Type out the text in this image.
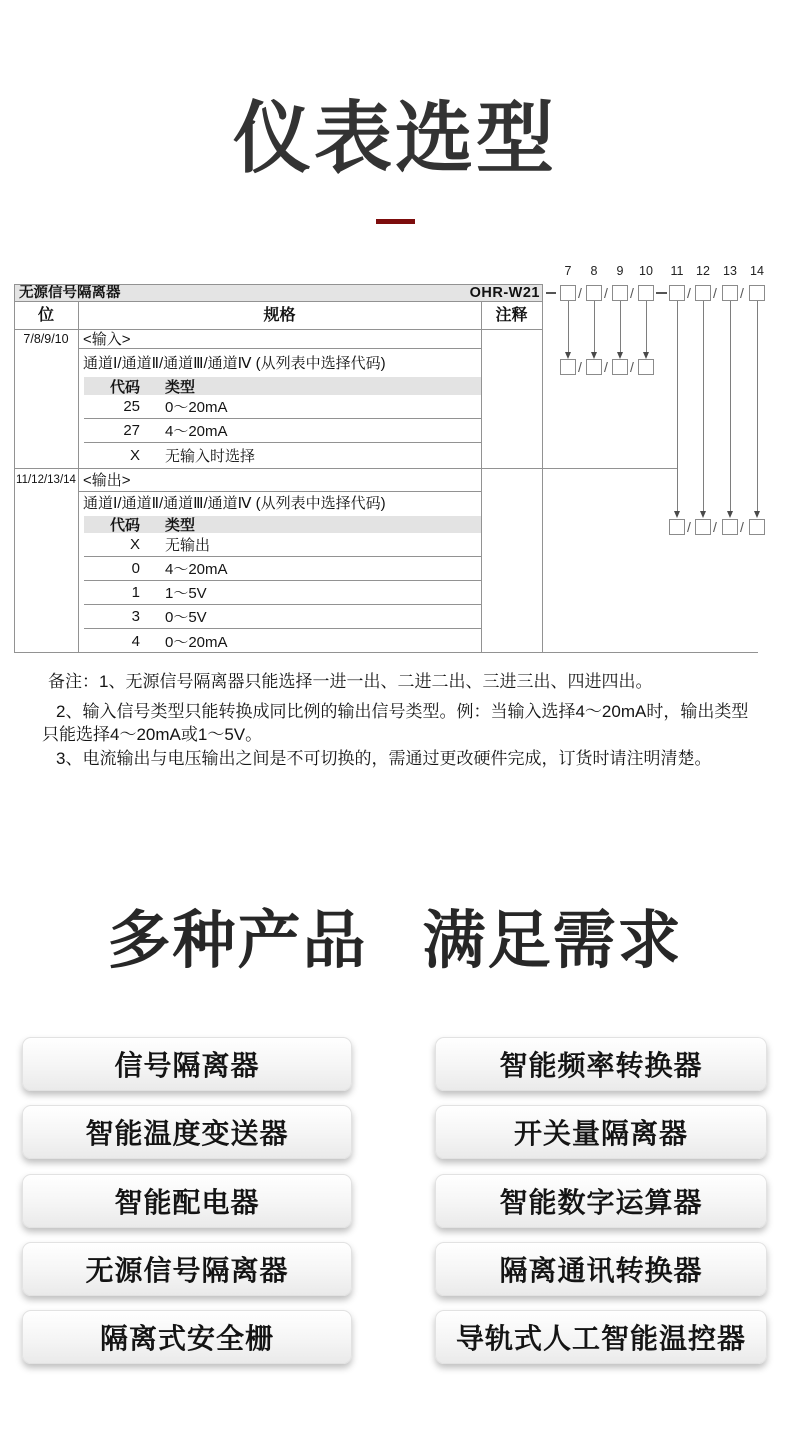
仪表选型
无源信号隔离器	OHR-W21
位	规格	注释
7/8/9/10 <输入>
通道Ⅰ/通道Ⅱ/通道Ⅲ/通道Ⅳ (从列表中选择代码)
代码 类型
25 0～20mA
27 4～20mA
X 无输入时选择
11/12/13/14 <输出>
通道Ⅰ/通道Ⅱ/通道Ⅲ/通道Ⅳ (从列表中选择代码)
代码 类型
X 无输出
0 4～20mA
1 1～5V
3 0～5V
4 0～20mA
7	8	9	10	11	12	13	14
/
/
/
/
/
/
/
/
/
/
/
/

备注：1、无源信号隔离器只能选择一进一出、二进二出、三进三出、四进四出。

2、输入信号类型只能转换成同比例的输出信号类型。例：当输入选择4～20mA时，输出类型只能选择4～20mA或1～5V。

3、电流输出与电压输出之间是不可切换的，需通过更改硬件完成，订货时请注明清楚。

多种产品 满足需求
信号隔离器
智能温度变送器
智能配电器
无源信号隔离器
隔离式安全栅
智能频率转换器
开关量隔离器
智能数字运算器
隔离通讯转换器
导轨式人工智能温控器
